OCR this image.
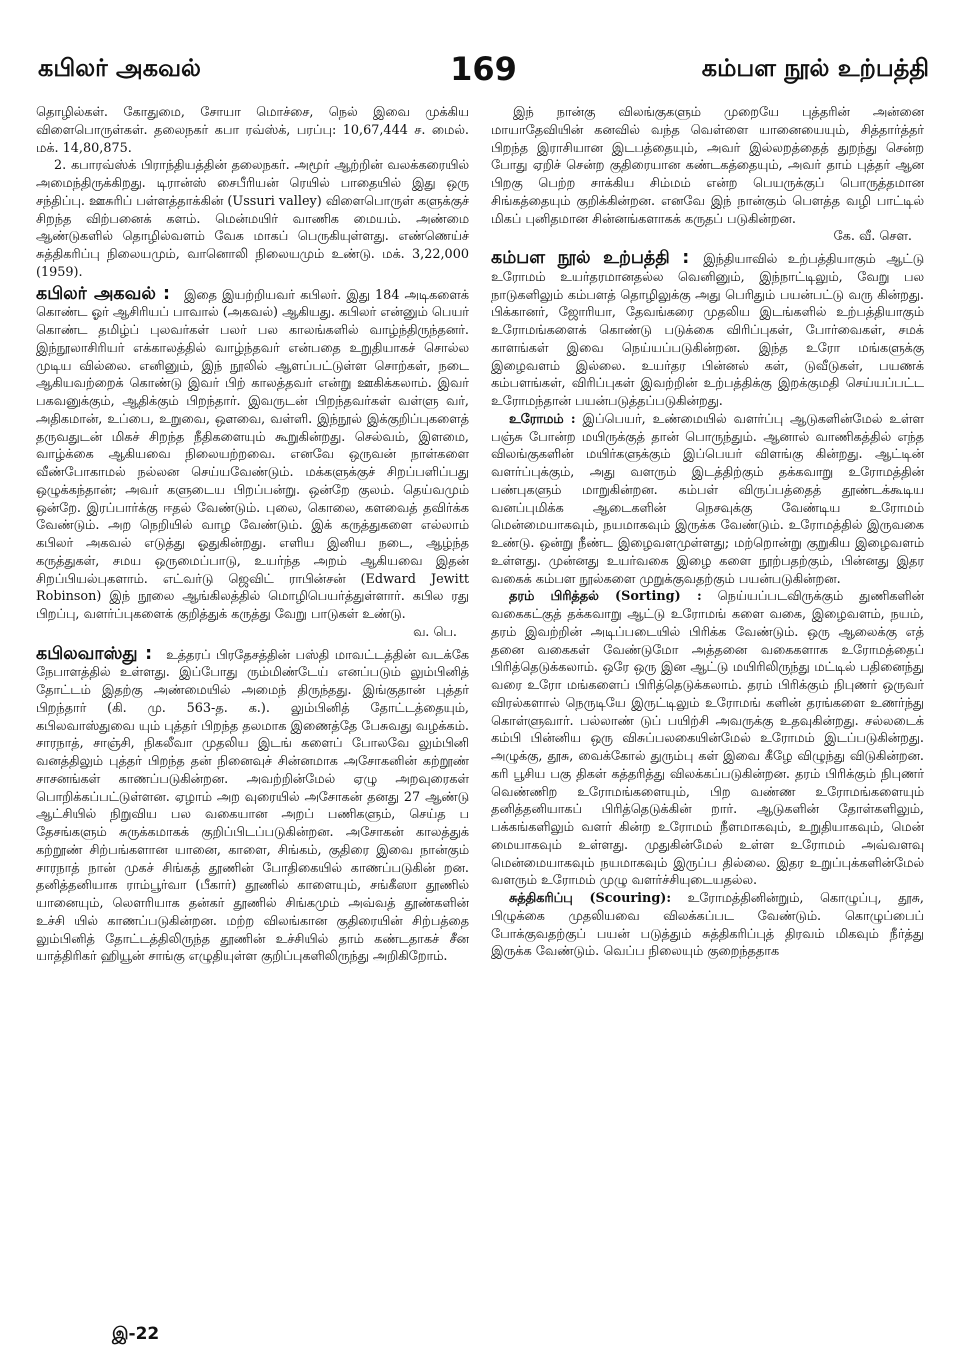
கபிலர் அகவல்	169	கம்பள நூல் உற்பத்தி

தொழில்கள். கோதுமை, சோயா மொச்சை, நெல் இவை முக்கிய விளைபொருள்கள். தலைநகர் கபா ரவ்ஸ்க், பரப்பு: 10,67,444 ச. மைல். மக். 14,80,875.

2. கபாரவ்ஸ்க் பிராந்தியத்தின் தலைநகர். அமூர் ஆற்றின் வலக்கரையில் அமைந்திருக்கிறது. டிரான்ஸ் சைபீரியன் ரெயில் பாதையில் இது ஒரு சந்திப்பு. ஊசுரிப் பள்ளத்தாக்கின் (Ussuri valley) விளைபொருள் களுக்குச் சிறந்த விற்பனைக் களம். மென்மயிர் வாணிக மையம். அண்மை ஆண்டுகளில் தொழில்வளம் வேக மாகப் பெருகியுள்ளது. எண்ணெய்ச் சுத்திகரிப்பு நிலையமும், வானொலி நிலையமும் உண்டு. மக். 3,22,000 (1959).

கபிலர் அகவல் : இதை இயற்றியவர் கபிலர். இது 184 அடிகளைக் கொண்ட ஓர் ஆசிரியப் பாவால் (அகவல்) ஆகியது. கபிலர் என்னும் பெயர் கொண்ட தமிழ்ப் புலவர்கள் பலர் பல காலங்களில் வாழ்ந்திருந்தனர். இந்நூலாசிரியர் எக்காலத்தில் வாழ்ந்தவர் என்பதை உறுதியாகச் சொல்ல முடிய வில்லை. எனினும், இந் நூலில் ஆளப்பட்டுள்ள சொற்கள், நடை ஆகியவற்றைக் கொண்டு இவர் பிற் காலத்தவர் என்று ஊகிக்கலாம். இவர் பகவனுக்கும், ஆதிக்கும் பிறந்தார். இவருடன் பிறந்தவர்கள் வள்ளு வர், அதிகமான், உப்பை, உறுவை, ஔவை, வள்ளி. இந்நூல் இக்குறிப்புகளைத் தருவதுடன் மிகச் சிறந்த நீதிகளையும் கூறுகின்றது. செல்வம், இளமை, வாழ்க்கை ஆகியவை நிலையற்றவை. எனவே ஒருவன் நாள்களை வீண்போகாமல் நல்லன செய்யவேண்டும். மக்களுக்குச் சிறப்பளிப்பது ஒழுக்கந்தான்; அவர் களுடைய பிறப்பன்று. ஒன்றே குலம். தெய்வமும் ஒன்றே. இரப்பார்க்கு ஈதல் வேண்டும். புலை, கொலை, களவைத் தவிர்க்க வேண்டும். அற நெறியில் வாழ வேண்டும். இக் கருத்துகளை எல்லாம் கபிலர் அகவல் எடுத்து ஓதுகின்றது. எளிய இனிய நடை, ஆழ்ந்த கருத்துகள், சமய ஒருமைப்பாடு, உயர்ந்த அறம் ஆகியவை இதன் சிறப்பியல்புகளாம். எட்வர்டு ஜெவிட் ராபின்சன் (Edward Jewitt Robinson) இந் நூலை ஆங்கிலத்தில் மொழிபெயர்த்துள்ளார். கபில ரது பிறப்பு, வளர்ப்புகளைக் குறித்துக் கருத்து வேறு பாடுகள் உண்டு.
வ. பெ.

கபிலவாஸ்து : உத்தரப் பிரதேசத்தின் பஸ்தி மாவட்டத்தின் வடக்கே நேபாளத்தில் உள்ளது. இப்போது ரும்மிண்டேய் எனப்படும் லும்பினித் தோட்டம் இதற்கு அண்மையில் அமைந் திருந்தது. இங்குதான் புத்தர் பிறந்தார் (கி. மு. 563-த. க.). லும்பினித் தோட்டத்தையும், கபிலவாஸ்துவை யும் புத்தர் பிறந்த தலமாக இணைத்தே பேசுவது வழக்கம். சாரநாத், சாஞ்சி, நிகலீவா முதலிய இடங் களைப் போலவே லும்பினி வனத்திலும் புத்தர் பிறந்த தன் நினைவுச் சின்னமாக அசோகனின் கற்றூண் சாசனங்கள் காணப்படுகின்றன. அவற்றின்மேல் ஏழு அறவுரைகள் பொறிக்கப்பட்டுள்ளன. ஏழாம் அற வுரையில் அசோகன் தனது 27 ஆண்டு ஆட்சியில் நிறுவிய பல வகையான அறப் பணிகளும், செய்த ப தேசங்களும் சுருக்கமாகக் குறிப்பிடப்படுகின்றன. அசோகன் காலத்துக் கற்றூண் சிற்பங்களான யானை, காளை, சிங்கம், குதிரை இவை நான்கும் சாரநாத் நான் முகச் சிங்கத் தூணின் போதிகையில் காணப்படுகின் றன. தனித்தனியாக ராம்பூர்வா (பீகார்) தூணில் காளையும், சங்கீஸா தூணில் யானையும், லௌரியாக தன்கர் தூணில் சிங்கமும் அவ்வத் தூண்களின் உச்சி யில் காணப்படுகின்றன. மற்ற விலங்கான குதிரையின் சிற்பத்தை லும்பினித் தோட்டத்திலிருந்த தூணின் உச்சியில் தாம் கண்டதாகச் சீன யாத்திரிகர் ஹியூன் சாங்கு எழுதியுள்ள குறிப்புகளிலிருந்து அறிகிறோம்.

இந் நான்கு விலங்குகளும் முறையே புத்தரின் அன்னை மாயாதேவியின் கனவில் வந்த வெள்ளை யானையையும், சித்தார்த்தர் பிறந்த இராசியான இடபத்தையும், அவர் இல்லறத்தைத் துறந்து சென்ற போது ஏறிச் சென்ற குதிரையான கண்டகத்தையும், அவர் தாம் புத்தர் ஆன பிறகு பெற்ற சாக்கிய சிம்மம் என்ற பெயருக்குப் பொருத்தமான சிங்கத்தையும் குறிக்கின்றன. எனவே இந் நான்கும் பௌத்த வழி பாட்டில் மிகப் புனிதமான சின்னங்களாகக் கருதப் படுகின்றன.
கே. வீ. சௌ.

கம்பள நூல் உற்பத்தி : இந்தியாவில் உற்பத்தியாகும் ஆட்டு உரோமம் உயர்தரமானதல்ல வெனினும், இந்நாட்டிலும், வேறு பல நாடுகளிலும் கம்பளத் தொழிலுக்கு அது பெரிதும் பயன்பட்டு வரு கின்றது. பிக்கானர், ஜோரியா, தேவங்கரை முதலிய இடங்களில் உற்பத்தியாகும் உரோமங்களைக் கொண்டு படுக்கை விரிப்புகள், போர்வைகள், சமக் காளங்கள் இவை நெய்யப்படுகின்றன. இந்த உரோ மங்களுக்கு இழைவளம் இல்லை. உயர்தர பின்னல் கள், டுவீடுகள், பயணக் கம்பளங்கள், விரிப்புகள் இவற்றின் உற்பத்திக்கு இறக்குமதி செய்யப்பட்ட உரோமந்தான் பயன்படுத்தப்படுகின்றது.

உரோமம் : இப்பெயர், உண்மையில் வளர்ப்பு ஆடுகளின்மேல் உள்ள பஞ்சு போன்ற மயிருக்குத் தான் பொருந்தும். ஆனால் வாணிகத்தில் எந்த விலங்குகளின் மயிர்களுக்கும் இப்பெயர் விளங்கு கின்றது. ஆட்டின் வளர்ப்புக்கும், அது வளரும் இடத்திற்கும் தக்கவாறு உரோமத்தின் பண்புகளும் மாறுகின்றன. கம்பள் விருப்பத்தைத் தூண்டக்கூடிய வனப்புமிக்க ஆடைகளின் நெசவுக்கு வேண்டிய உரோமம் மென்மையாகவும், நயமாகவும் இருக்க வேண்டும். உரோமத்தில் இருவகை உண்டு. ஒன்று நீண்ட இழைவளமுள்ளது; மற்றொன்று குறுகிய இழைவளம் உள்ளது. முன்னது உயர்வகை இழை களை நூற்பதற்கும், பின்னது இதர வகைக் கம்பள நூல்களை முறுக்குவதற்கும் பயன்படுகின்றன.

தரம் பிரித்தல் (Sorting) : நெய்யப்படவிருக்கும் துணிகளின் வகைகட்குத் தக்கவாறு ஆட்டு உரோமங் களை வகை, இழைவளம், நயம், தரம் இவற்றின் அடிப்படையில் பிரிக்க வேண்டும். ஒரு ஆலைக்கு எத் தனை வகைகள் வேண்டுமோ அத்தனை வகைகளாக உரோமத்தைப் பிரித்தெடுக்கலாம். ஒரே ஒரு இன ஆட்டு மயிரிலிருந்து மட்டில் பதினைந்து வரை உரோ மங்களைப் பிரித்தெடுக்கலாம். தரம் பிரிக்கும் நிபுணர் ஒருவர் விரல்களால் நெருடியே இருட்டிலும் உரோமங் களின் தரங்களை உணர்ந்து கொள்ளுவார். பல்லாண் டுப் பயிற்சி அவருக்கு உதவுகின்றது. சல்லடைக் கம்பி பின்னிய ஒரு விசுப்பலகையின்மேல் உரோமம் இடப்படுகின்றது. அழுக்கு, தூசு, வைக்கோல் துரும்பு கள் இவை கீழே விழுந்து விடுகின்றன. கரி பூசிய பகு திகள் கத்தரித்து விலக்கப்படுகின்றன. தரம் பிரிக்கும் நிபுணர் வெண்ணிற உரோமங்களையும், பிற வண்ண உரோமங்களையும் தனித்தனியாகப் பிரித்தெடுக்கின் றார். ஆடுகளின் தோள்களிலும், பக்கங்களிலும் வளர் கின்ற உரோமம் நீளமாகவும், உறுதியாகவும், மென் மையாகவும் உள்ளது. முதுகின்மேல் உள்ள உரோமம் அவ்வளவு மென்மையாகவும் நயமாகவும் இருப்ப தில்லை. இதர உறுப்புக்களின்மேல் வளரும் உரோமம் முழு வளர்ச்சியுடையதல்ல.

சுத்திகரிப்பு (Scouring): உரோமத்தினின்றும், கொழுப்பு, தூசு, பிழுக்கை முதலியவை விலக்கப்பட வேண்டும். கொழுப்பைப் போக்குவதற்குப் பயன் படுத்தும் சுத்திகரிப்புத் திரவம் மிகவும் நீர்த்து இருக்க வேண்டும். வெப்ப நிலையும் குறைந்ததாக

இ-22
